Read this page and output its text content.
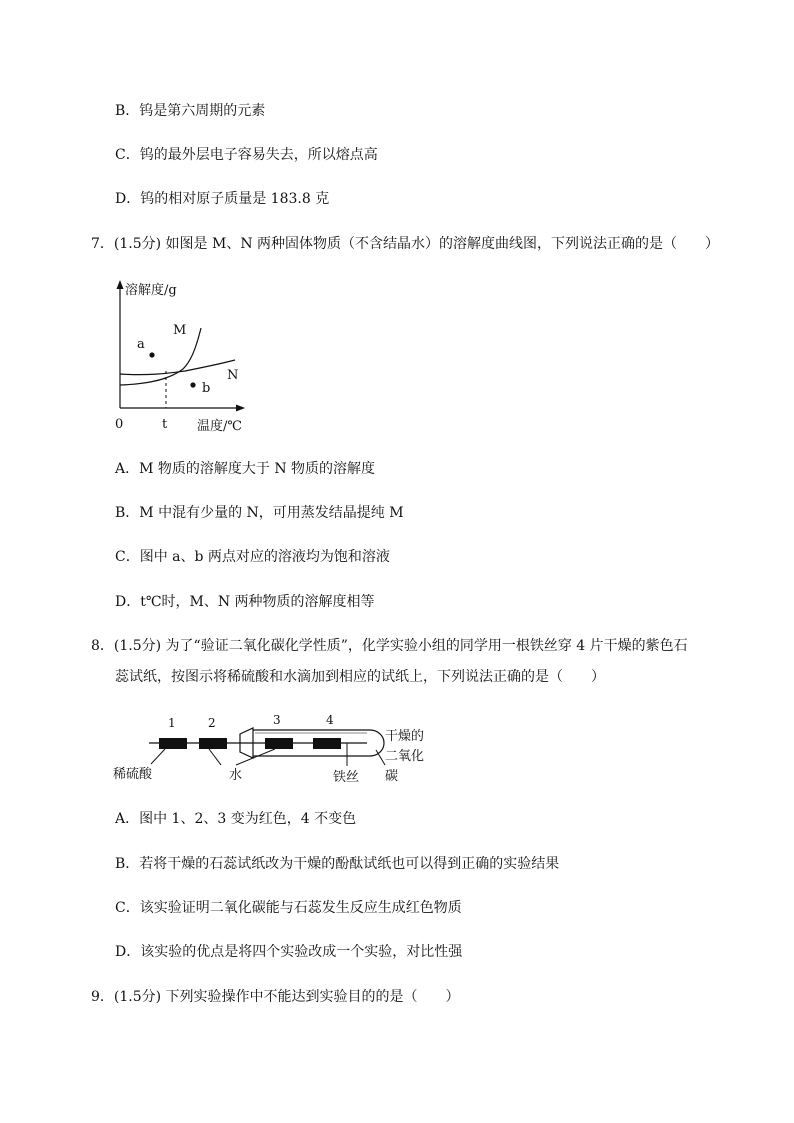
B．钨是第六周期的元素
C．钨的最外层电子容易失去，所以熔点高
D．钨的相对原子质量是 183.8 克
7．(1.5分) 如图是 M、N 两种固体物质（不含结晶水）的溶解度曲线图，下列说法正确的是（　　）
溶解度/g
M
N
a
b
0	t 温度/℃
A．M 物质的溶解度大于 N 物质的溶解度
B．M 中混有少量的 N，可用蒸发结晶提纯 M
C．图中 a、b 两点对应的溶液均为饱和溶液
D．t℃时，M、N 两种物质的溶解度相等
8．(1.5分) 为了“验证二氧化碳化学性质”，化学实验小组的同学用一根铁丝穿 4 片干燥的紫色石
蕊试纸，按图示将稀硫酸和水滴加到相应的试纸上，下列说法正确的是（　　）
1	2	3	4
稀硫酸	水	铁丝
干燥的
二氧化
碳
A．图中 1、2、3 变为红色，4 不变色
B．若将干燥的石蕊试纸改为干燥的酚酞试纸也可以得到正确的实验结果
C．该实验证明二氧化碳能与石蕊发生反应生成红色物质
D．该实验的优点是将四个实验改成一个实验，对比性强
9．(1.5分) 下列实验操作中不能达到实验目的的是（　　）
